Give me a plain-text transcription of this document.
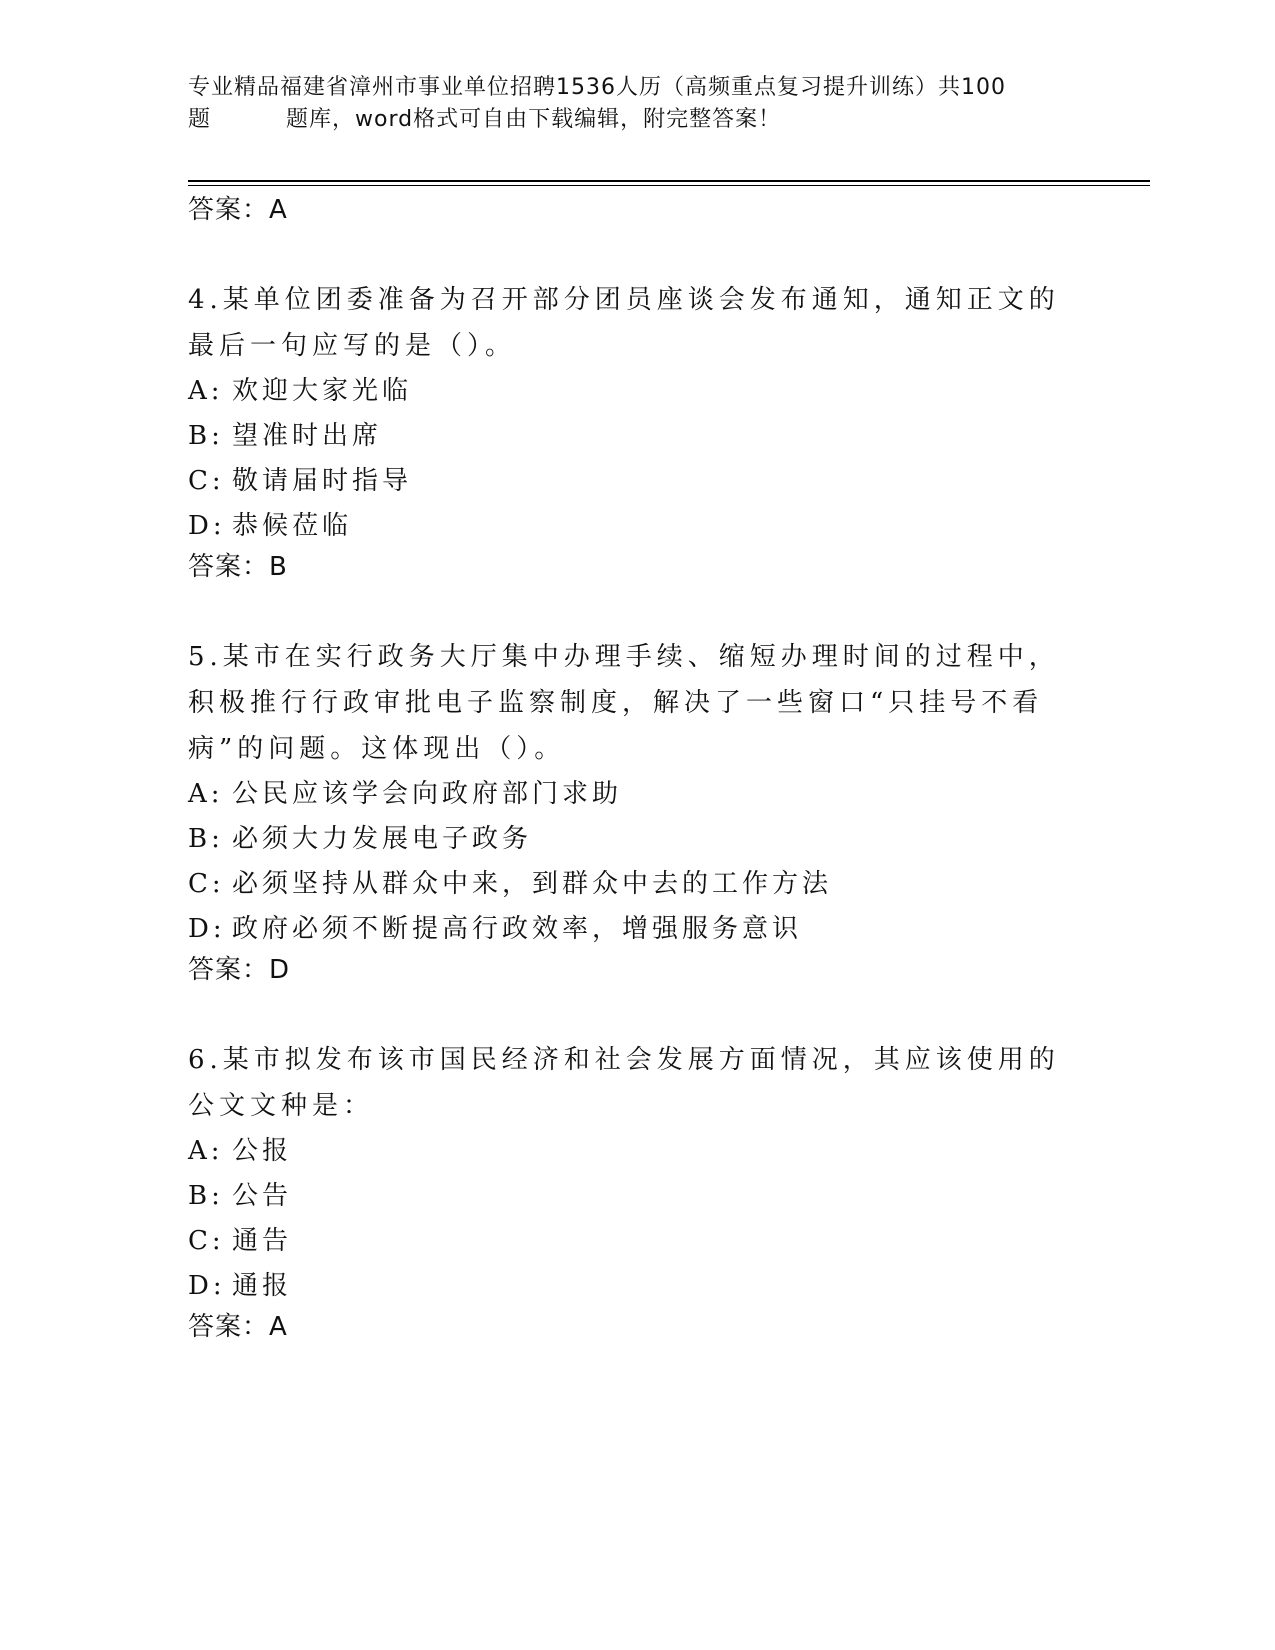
专业精品福建省漳州市事业单位招聘1536人历（高频重点复习提升训练）共100
题	题库，word格式可自由下载编辑，附完整答案！
答案：A
4.某单位团委准备为召开部分团员座谈会发布通知，通知正文的最后一句应写的是（）。
A: 欢迎大家光临
B: 望准时出席
C: 敬请届时指导
D: 恭候莅临
答案：B
5.某市在实行政务大厅集中办理手续、缩短办理时间的过程中，积极推行行政审批电子监察制度，解决了一些窗口“只挂号不看病”的问题。这体现出（）。
A: 公民应该学会向政府部门求助
B: 必须大力发展电子政务
C: 必须坚持从群众中来，到群众中去的工作方法
D: 政府必须不断提高行政效率，增强服务意识
答案：D
6.某市拟发布该市国民经济和社会发展方面情况，其应该使用的公文文种是：
A: 公报
B: 公告
C: 通告
D: 通报
答案：A
